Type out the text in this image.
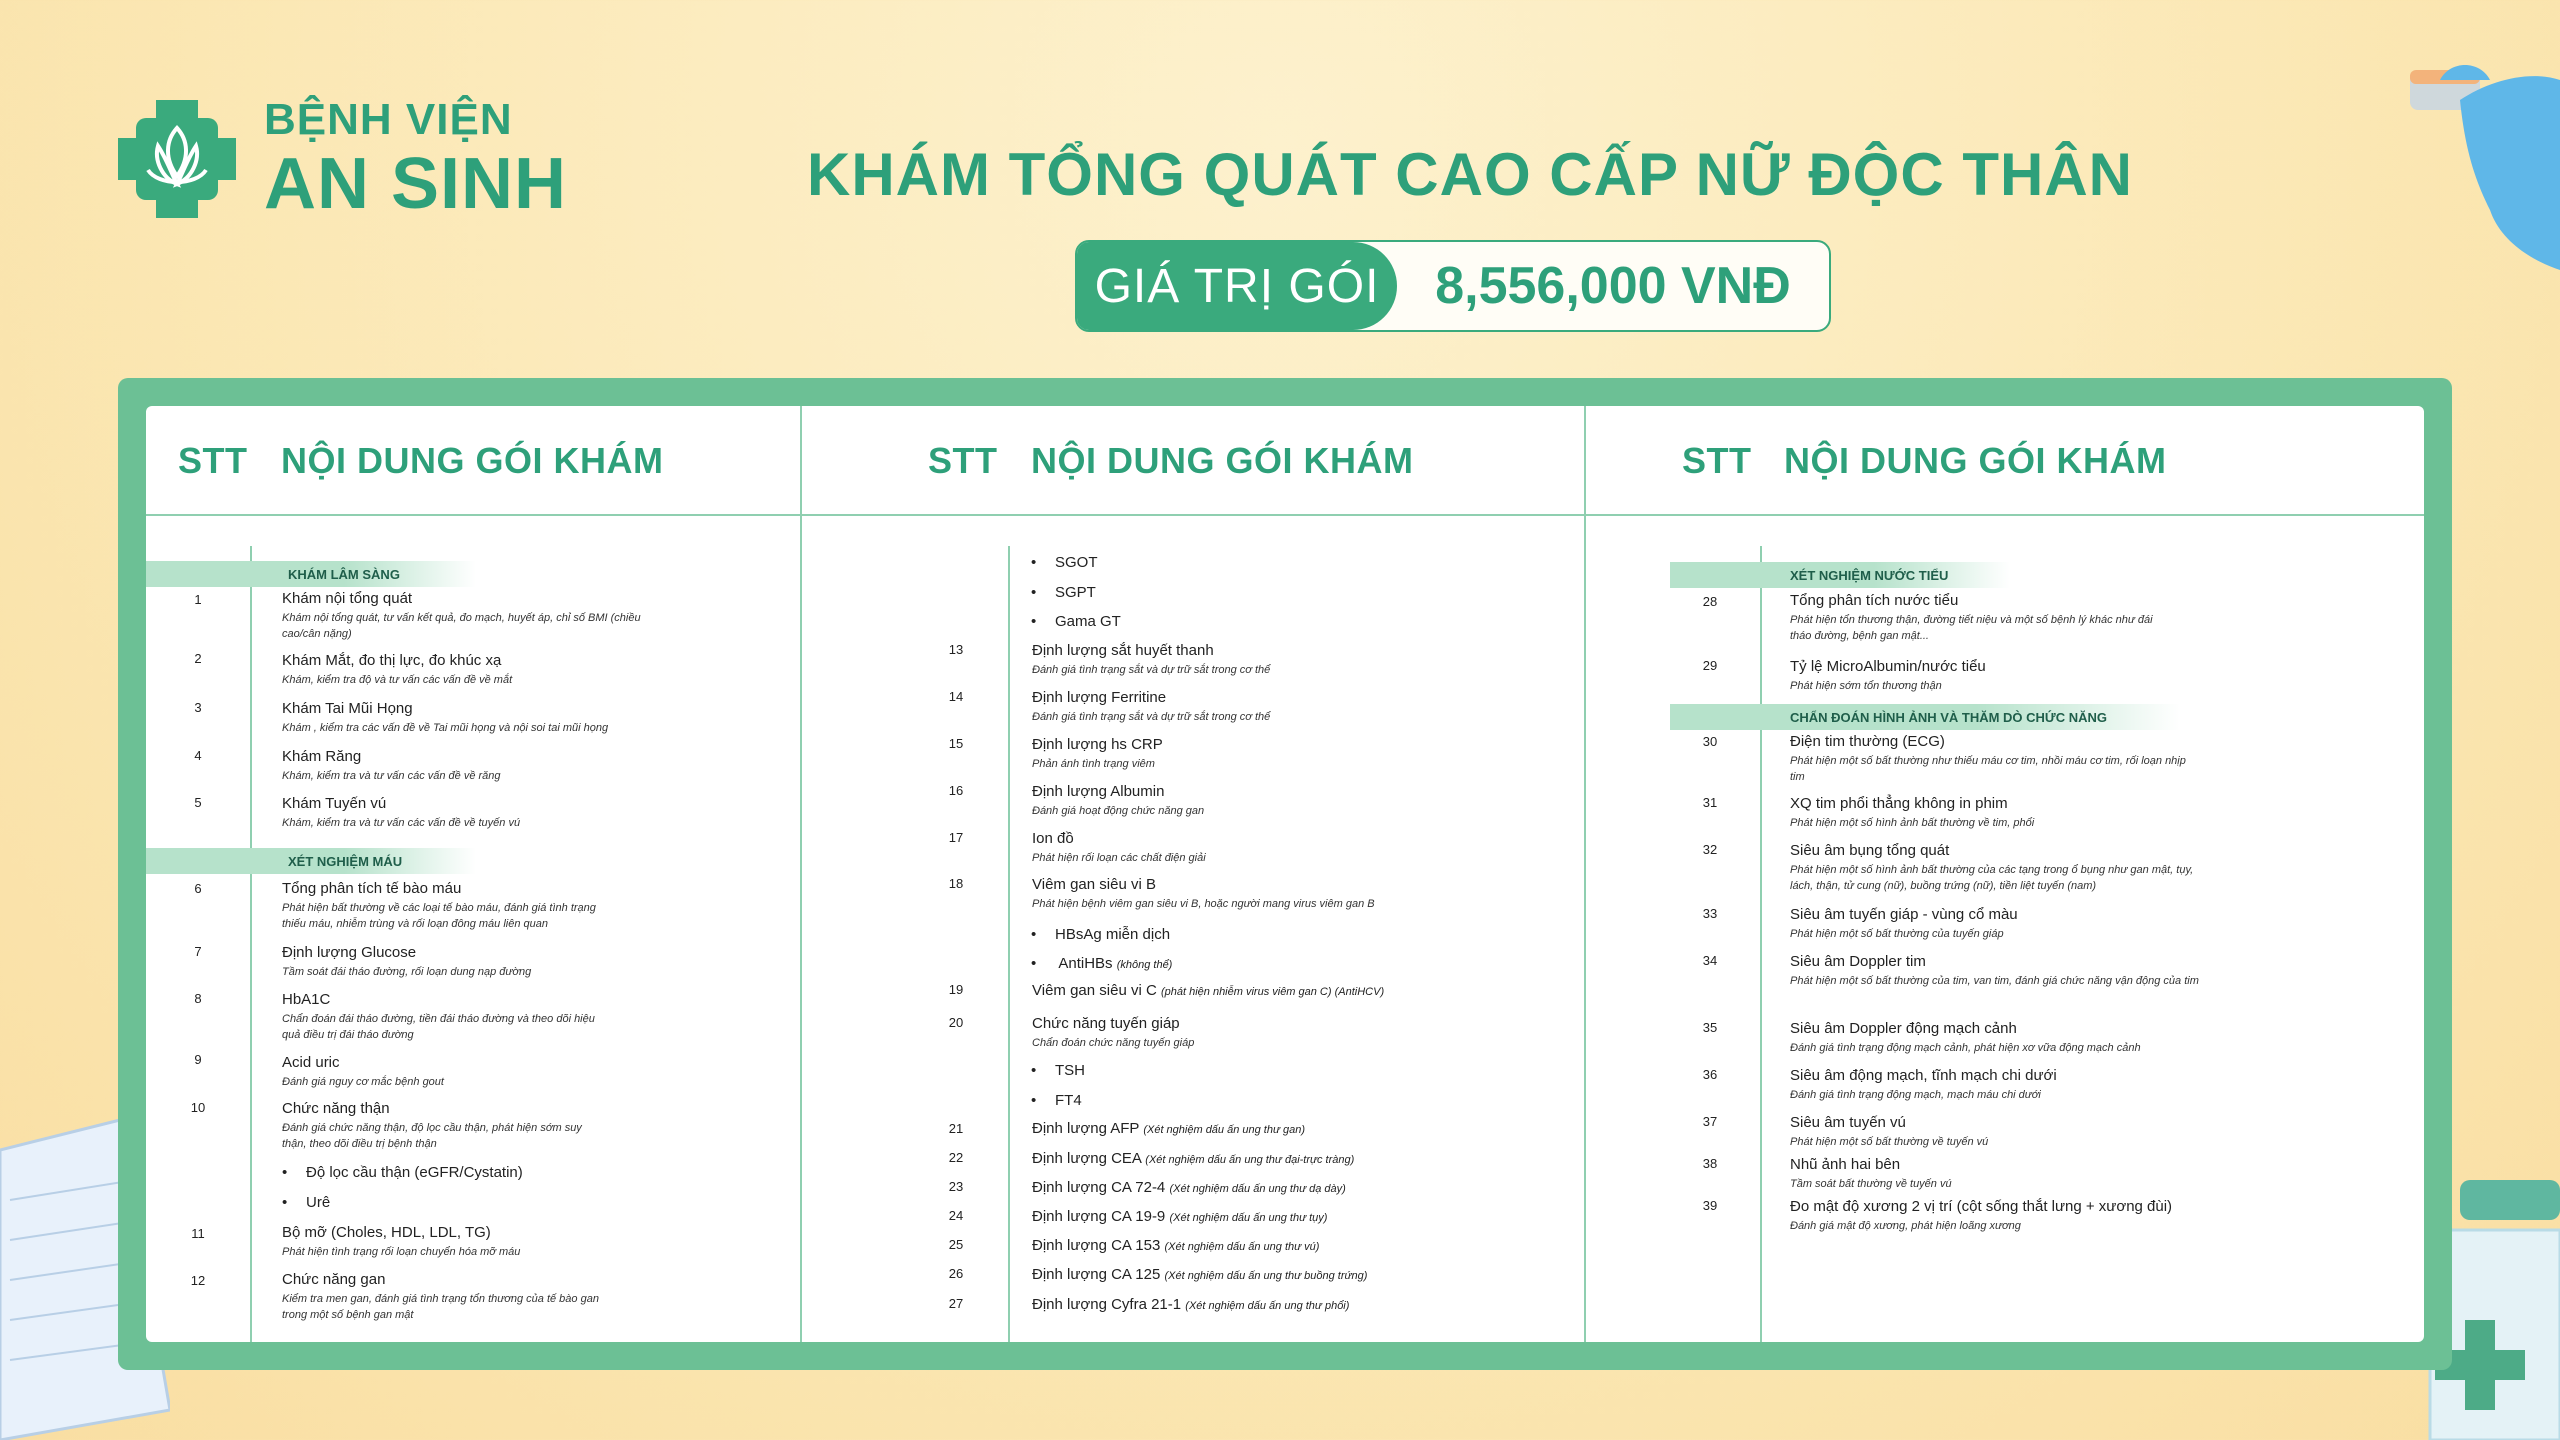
BỆNH VIỆN
AN SINH	KHÁM TỔNG QUÁT CAO CẤP NỮ ĐỘC THÂN
GIÁ TRỊ GÓI	8,556,000 VNĐ
STT NỘI DUNG GÓI KHÁM	STT NỘI DUNG GÓI KHÁM	STT NỘI DUNG GÓI KHÁM
KHÁM LÂM SÀNG
1	Khám nội tổng quát
Khám nội tổng quát, tư vấn kết quả, đo mạch, huyết áp, chỉ số BMI (chiều cao/cân nặng)
2	Khám Mắt, đo thị lực, đo khúc xạ
Khám, kiểm tra độ và tư vấn các vấn đề về mắt
3	Khám Tai Mũi Họng
Khám , kiểm tra các vấn đề về Tai mũi họng và nội soi tai mũi họng
4	Khám Răng
Khám, kiểm tra và tư vấn các vấn đề về răng
5	Khám Tuyến vú
Khám, kiểm tra và tư vấn các vấn đề về tuyến vú
XÉT NGHIỆM MÁU
6	Tổng phân tích tế bào máu
Phát hiện bất thường về các loại tế bào máu, đánh giá tình trạng thiếu máu, nhiễm trùng và rối loạn đông máu liên quan
7	Định lượng Glucose
Tầm soát đái tháo đường, rối loạn dung nạp đường
8	HbA1C
Chẩn đoán đái tháo đường, tiền đái tháo đường và theo dõi hiệu quả điều trị đái tháo đường
9	Acid uric
Đánh giá nguy cơ mắc bệnh gout
10	Chức năng thận
Đánh giá chức năng thận, độ lọc cầu thận, phát hiện sớm suy thận, theo dõi điều trị bệnh thận
• Độ lọc cầu thận (eGFR/Cystatin)
• Urê
11	Bộ mỡ (Choles, HDL, LDL, TG)
Phát hiện tình trạng rối loạn chuyển hóa mỡ máu
12	Chức năng gan
Kiểm tra men gan, đánh giá tình trạng tổn thương của tế bào gan trong một số bệnh gan mật
• SGOT
• SGPT
• Gama GT
13	Định lượng sắt huyết thanh
Đánh giá tình trạng sắt và dự trữ sắt trong cơ thể
14	Định lượng Ferritine
Đánh giá tình trạng sắt và dự trữ sắt trong cơ thể
15	Định lượng hs CRP
Phản ánh tình trạng viêm
16	Định lượng Albumin
Đánh giá hoạt động chức năng gan
17	Ion đồ
Phát hiện rối loạn các chất điện giải
18	Viêm gan siêu vi B
Phát hiện bệnh viêm gan siêu vi B, hoặc người mang virus viêm gan B
• HBsAg miễn dịch
• AntiHBs (không thể)
19	Viêm gan siêu vi C (phát hiện nhiễm virus viêm gan C) (AntiHCV)
20	Chức năng tuyến giáp
Chẩn đoán chức năng tuyến giáp
• TSH
• FT4
21	Định lượng AFP (Xét nghiệm dấu ấn ung thư gan)
22	Định lượng CEA (Xét nghiệm dấu ấn ung thư đại-trực tràng)
23	Định lượng CA 72-4 (Xét nghiệm dấu ấn ung thư dạ dày)
24	Định lượng CA 19-9 (Xét nghiệm dấu ấn ung thư tụy)
25	Định lượng CA 153 (Xét nghiệm dấu ấn ung thư vú)
26	Định lượng CA 125 (Xét nghiệm dấu ấn ung thư buồng trứng)
27	Định lượng Cyfra 21-1 (Xét nghiệm dấu ấn ung thư phổi)
XÉT NGHIỆM NƯỚC TIỂU
28	Tổng phân tích nước tiểu
Phát hiện tổn thương thận, đường tiết niệu và một số bệnh lý khác như đái tháo đường, bệnh gan mật...
29	Tỷ lệ MicroAlbumin/nước tiểu
Phát hiện sớm tổn thương thận
CHẨN ĐOÁN HÌNH ẢNH VÀ THĂM DÒ CHỨC NĂNG
30	Điện tim thường (ECG)
Phát hiện một số bất thường như thiếu máu cơ tim, nhồi máu cơ tim, rối loạn nhịp tim
31	XQ tim phổi thẳng không in phim
Phát hiện một số hình ảnh bất thường về tim, phổi
32	Siêu âm bụng tổng quát
Phát hiện một số hình ảnh bất thường của các tạng trong ổ bụng như gan mật, tụy, lách, thận, tử cung (nữ), buồng trứng (nữ), tiền liệt tuyến (nam)
33	Siêu âm tuyến giáp - vùng cổ màu
Phát hiện một số bất thường của tuyến giáp
34	Siêu âm Doppler tim
Phát hiện một số bất thường của tim, van tim, đánh giá chức năng vận động của tim
35	Siêu âm Doppler động mạch cảnh
Đánh giá tình trạng động mạch cảnh, phát hiện xơ vữa động mạch cảnh
36	Siêu âm động mạch, tĩnh mạch chi dưới
Đánh giá tình trạng động mạch, mạch máu chi dưới
37	Siêu âm tuyến vú
Phát hiện một số bất thường về tuyến vú
38	Nhũ ảnh hai bên
Tầm soát bất thường về tuyến vú
39	Đo mật độ xương 2 vị trí (cột sống thắt lưng + xương đùi)
Đánh giá mật độ xương, phát hiện loãng xương
